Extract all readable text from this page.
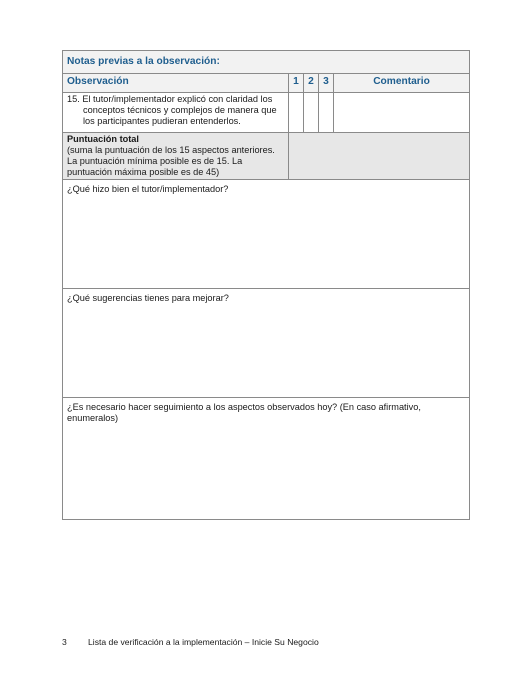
Notas previas a la observación:				
Observación	1	2	3	Comentario

15. El tutor/implementador explicó con claridad los conceptos técnicos y complejos de manera que los participantes pudieran entenderlos.				

Puntuación total
(suma la puntuación de los 15 aspectos anteriores. La puntuación mínima posible es de 15. La puntuación máxima posible es de 45)				
¿Qué hizo bien el tutor/implementador?				
¿Qué sugerencias tienes para mejorar?				
¿Es necesario hacer seguimiento a los aspectos observados hoy? (En caso afirmativo, enumeralos)				
3 Lista de verificación a la implementación – Inicie Su Negocio
